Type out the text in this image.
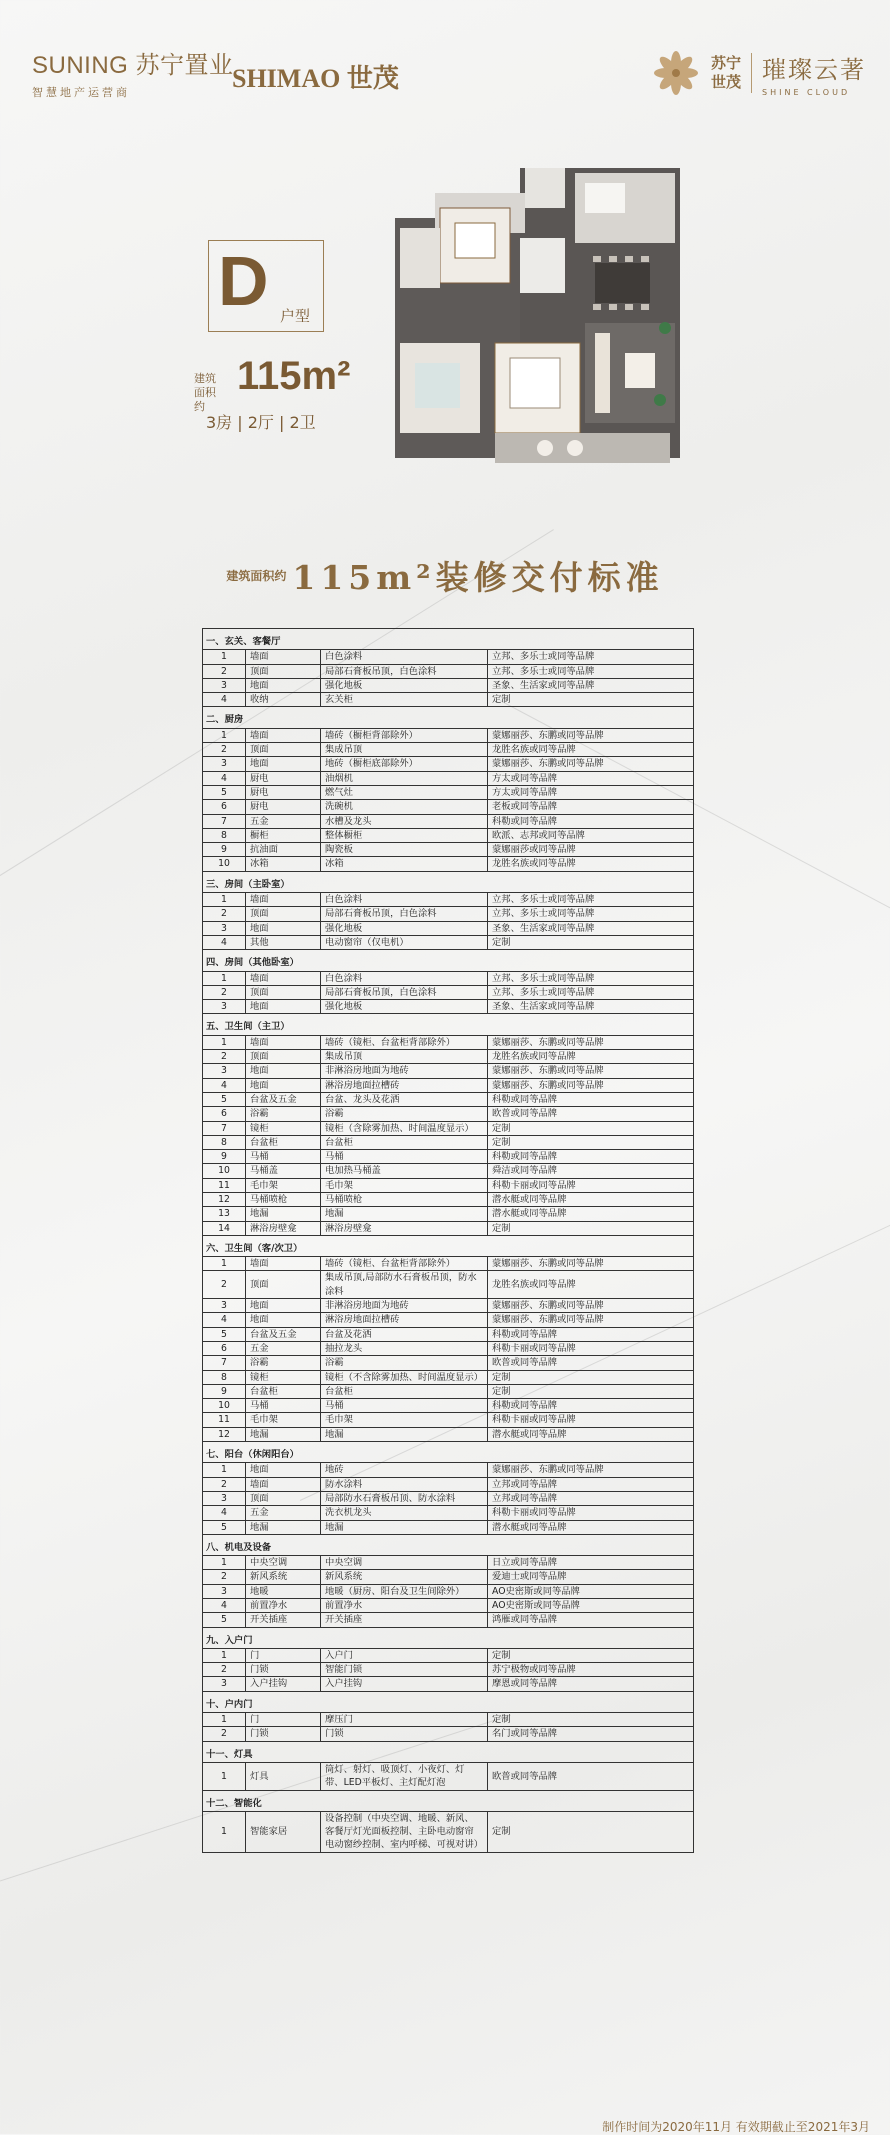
SUNING 苏宁置业
智慧地产运营商	SHIMAO 世茂
苏宁
世茂 璀璨云著
SHINE CLOUD
D 户型
建筑面积约
115m²
3房 | 2厅 | 2卫
建筑面积约 115m²装修交付标准
一、玄关、客餐厅			
1	墙面	白色涂料	立邦、多乐士或同等品牌
2	顶面	局部石膏板吊顶，白色涂料	立邦、多乐士或同等品牌
3	地面	强化地板	圣象、生活家或同等品牌
4	收纳	玄关柜	定制
二、厨房			
1	墙面	墙砖（橱柜背部除外）	蒙娜丽莎、东鹏或同等品牌
2	顶面	集成吊顶	龙胜名族或同等品牌
3	地面	地砖（橱柜底部除外）	蒙娜丽莎、东鹏或同等品牌
4	厨电	油烟机	方太或同等品牌
5	厨电	燃气灶	方太或同等品牌
6	厨电	洗碗机	老板或同等品牌
7	五金	水槽及龙头	科勒或同等品牌
8	橱柜	整体橱柜	欧派、志邦或同等品牌
9	抗油面	陶瓷板	蒙娜丽莎或同等品牌
10	冰箱	冰箱	龙胜名族或同等品牌
三、房间（主卧室）			
1	墙面	白色涂料	立邦、多乐士或同等品牌
2	顶面	局部石膏板吊顶，白色涂料	立邦、多乐士或同等品牌
3	地面	强化地板	圣象、生活家或同等品牌
4	其他	电动窗帘（仅电机）	定制
四、房间（其他卧室）			
1	墙面	白色涂料	立邦、多乐士或同等品牌
2	顶面	局部石膏板吊顶，白色涂料	立邦、多乐士或同等品牌
3	地面	强化地板	圣象、生活家或同等品牌
五、卫生间（主卫）			
1	墙面	墙砖（镜柜、台盆柜背部除外）	蒙娜丽莎、东鹏或同等品牌
2	顶面	集成吊顶	龙胜名族或同等品牌
3	地面	非淋浴房地面为地砖	蒙娜丽莎、东鹏或同等品牌
4	地面	淋浴房地面拉槽砖	蒙娜丽莎、东鹏或同等品牌
5	台盆及五金	台盆、龙头及花洒	科勒或同等品牌
6	浴霸	浴霸	欧普或同等品牌
7	镜柜	镜柜（含除雾加热、时间温度显示）	定制
8	台盆柜	台盆柜	定制
9	马桶	马桶	科勒或同等品牌
10	马桶盖	电加热马桶盖	舜洁或同等品牌
11	毛巾架	毛巾架	科勒卡丽或同等品牌
12	马桶喷枪	马桶喷枪	潜水艇或同等品牌
13	地漏	地漏	潜水艇或同等品牌
14	淋浴房壁龛	淋浴房壁龛	定制
六、卫生间（客/次卫）			
1	墙面	墙砖（镜柜、台盆柜背部除外）	蒙娜丽莎、东鹏或同等品牌
2	顶面	集成吊顶,局部防水石膏板吊顶，防水涂料	龙胜名族或同等品牌
3	地面	非淋浴房地面为地砖	蒙娜丽莎、东鹏或同等品牌
4	地面	淋浴房地面拉槽砖	蒙娜丽莎、东鹏或同等品牌
5	台盆及五金	台盆及花洒	科勒或同等品牌
6	五金	抽拉龙头	科勒卡丽或同等品牌
7	浴霸	浴霸	欧普或同等品牌
8	镜柜	镜柜（不含除雾加热、时间温度显示）	定制
9	台盆柜	台盆柜	定制
10	马桶	马桶	科勒或同等品牌
11	毛巾架	毛巾架	科勒卡丽或同等品牌
12	地漏	地漏	潜水艇或同等品牌
七、阳台（休闲阳台）			
1	地面	地砖	蒙娜丽莎、东鹏或同等品牌
2	墙面	防水涂料	立邦或同等品牌
3	顶面	局部防水石膏板吊顶、防水涂料	立邦或同等品牌
4	五金	洗衣机龙头	科勒卡丽或同等品牌
5	地漏	地漏	潜水艇或同等品牌
八、机电及设备			
1	中央空调	中央空调	日立或同等品牌
2	新风系统	新风系统	爱迪士或同等品牌
3	地暖	地暖（厨房、阳台及卫生间除外）	AO史密斯或同等品牌
4	前置净水	前置净水	AO史密斯或同等品牌
5	开关插座	开关插座	鸿雁或同等品牌
九、入户门			
1	门	入户门	定制
2	门锁	智能门锁	苏宁极物或同等品牌
3	入户挂钩	入户挂钩	摩恩或同等品牌
十、户内门			
1	门	摩压门	定制
2	门锁	门锁	名门或同等品牌
十一、灯具			
1	灯具	筒灯、射灯、吸顶灯、小夜灯、灯带、LED平板灯、主灯配灯泡	欧普或同等品牌
十二、智能化			
1	智能家居	设备控制（中央空调、地暖、新风、客餐厅灯光面板控制、主卧电动窗帘电动窗纱控制、室内呼梯、可视对讲）	定制
制作时间为2020年11月 有效期截止至2021年3月
